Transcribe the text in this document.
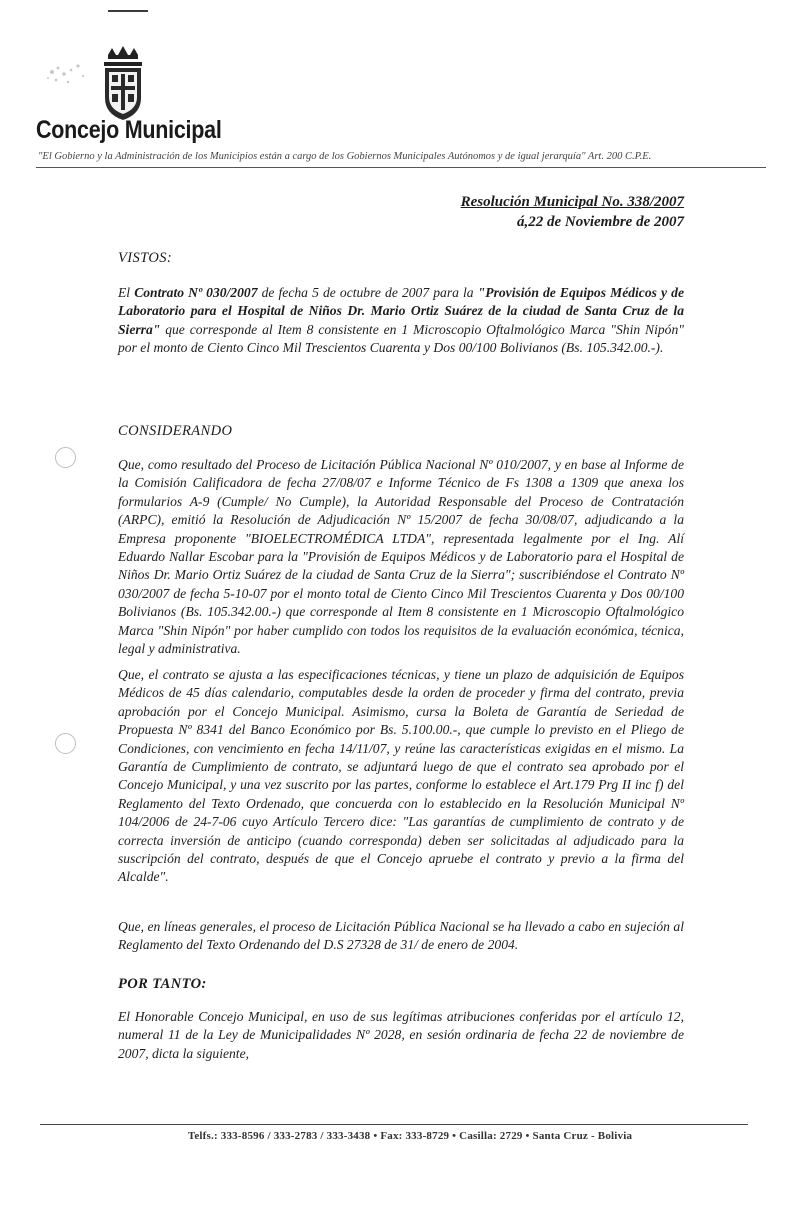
Concejo Municipal
"El Gobierno y la Administración de los Municipios están a cargo de los Gobiernos Municipales Autónomos y de igual jerarquía" Art. 200 C.P.E.
Resolución Municipal No. 338/2007
á,22 de Noviembre de 2007
VISTOS:

El Contrato Nº 030/2007 de fecha 5 de octubre de 2007 para la "Provisión de Equipos Médicos y de Laboratorio para el Hospital de Niños Dr. Mario Ortiz Suárez de la ciudad de Santa Cruz de la Sierra" que corresponde al Item 8 consistente en 1 Microscopio Oftalmológico Marca "Shin Nipón" por el monto de Ciento Cinco Mil Trescientos Cuarenta y Dos 00/100 Bolivianos (Bs. 105.342.00.-).

CONSIDERANDO

Que, como resultado del Proceso de Licitación Pública Nacional Nº 010/2007, y en base al Informe de la Comisión Calificadora de fecha 27/08/07 e Informe Técnico de Fs 1308 a 1309 que anexa los formularios A-9 (Cumple/ No Cumple), la Autoridad Responsable del Proceso de Contratación (ARPC), emitió la Resolución de Adjudicación Nº 15/2007 de fecha 30/08/07, adjudicando a la Empresa proponente "BIOELECTROMÉDICA LTDA", representada legalmente por el Ing. Alí Eduardo Nallar Escobar para la "Provisión de Equipos Médicos y de Laboratorio para el Hospital de Niños Dr. Mario Ortiz Suárez de la ciudad de Santa Cruz de la Sierra"; suscribiéndose el Contrato Nº 030/2007 de fecha 5-10-07 por el monto total de Ciento Cinco Mil Trescientos Cuarenta y Dos 00/100 Bolivianos (Bs. 105.342.00.-) que corresponde al Item 8 consistente en 1 Microscopio Oftalmológico Marca "Shin Nipón" por haber cumplido con todos los requisitos de la evaluación económica, técnica, legal y administrativa.

Que, el contrato se ajusta a las especificaciones técnicas, y tiene un plazo de adquisición de Equipos Médicos de 45 días calendario, computables desde la orden de proceder y firma del contrato, previa aprobación por el Concejo Municipal. Asimismo, cursa la Boleta de Garantía de Seriedad de Propuesta Nº 8341 del Banco Económico por Bs. 5.100.00.-, que cumple lo previsto en el Pliego de Condiciones, con vencimiento en fecha 14/11/07, y reúne las características exigidas en el mismo. La Garantía de Cumplimiento de contrato, se adjuntará luego de que el contrato sea aprobado por el Concejo Municipal, y una vez suscrito por las partes, conforme lo establece el Art.179 Prg II inc f) del Reglamento del Texto Ordenado, que concuerda con lo establecido en la Resolución Municipal Nº 104/2006 de 24-7-06 cuyo Artículo Tercero dice: "Las garantías de cumplimiento de contrato y de correcta inversión de anticipo (cuando corresponda) deben ser solicitadas al adjudicado para la suscripción del contrato, después de que el Concejo apruebe el contrato y previo a la firma del Alcalde".

Que, en líneas generales, el proceso de Licitación Pública Nacional se ha llevado a cabo en sujeción al Reglamento del Texto Ordenando del D.S 27328 de 31/ de enero de 2004.

POR TANTO:

El Honorable Concejo Municipal, en uso de sus legítimas atribuciones conferidas por el artículo 12, numeral 11 de la Ley de Municipalidades Nº 2028, en sesión ordinaria de fecha 22 de noviembre de 2007, dicta la siguiente,

Telfs.: 333-8596 / 333-2783 / 333-3438 • Fax: 333-8729 • Casilla: 2729 • Santa Cruz - Bolivia
